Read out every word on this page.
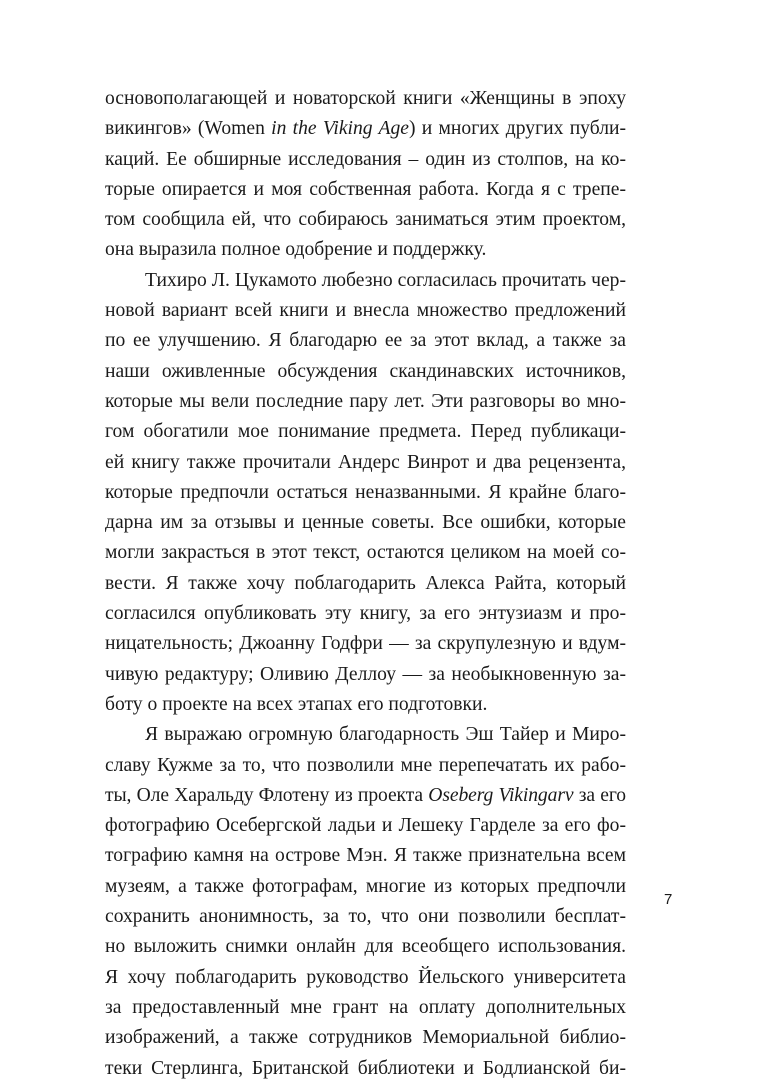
основополагающей и новаторской книги «Женщины в эпоху
викингов» (Women in the Viking Age) и многих других публи-
каций. Ее обширные исследования – один из столпов, на ко-
торые опирается и моя собственная работа. Когда я с трепе-
том сообщила ей, что собираюсь заниматься этим проектом,
она выразила полное одобрение и поддержку.
Тихиро Л. Цукамото любезно согласилась прочитать чер-
новой вариант всей книги и внесла множество предложений
по ее улучшению. Я благодарю ее за этот вклад, а также за
наши оживленные обсуждения скандинавских источников,
которые мы вели последние пару лет. Эти разговоры во мно-
гом обогатили мое понимание предмета. Перед публикаци-
ей книгу также прочитали Андерс Винрот и два рецензента,
которые предпочли остаться неназванными. Я крайне благо-
дарна им за отзывы и ценные советы. Все ошибки, которые
могли закрасться в этот текст, остаются целиком на моей со-
вести. Я также хочу поблагодарить Алекса Райта, который
согласился опубликовать эту книгу, за его энтузиазм и про-
ницательность; Джоанну Годфри — за скрупулезную и вдум-
чивую редактуру; Оливию Деллоу — за необыкновенную за-
боту о проекте на всех этапах его подготовки.
Я выражаю огромную благодарность Эш Тайер и Миро-
славу Кужме за то, что позволили мне перепечатать их рабо-
ты, Оле Харальду Флотену из проекта Oseberg Vikingarv за его
фотографию Осебергской ладьи и Лешеку Гарделе за его фо-
тографию камня на острове Мэн. Я также признательна всем
музеям, а также фотографам, многие из которых предпочли
сохранить анонимность, за то, что они позволили бесплат-
но выложить снимки онлайн для всеобщего использования.
Я хочу поблагодарить руководство Йельского университета
за предоставленный мне грант на оплату дополнительных
изображений, а также сотрудников Мемориальной библио-
теки Стерлинга, Британской библиотеки и Бодлианской би-
7
